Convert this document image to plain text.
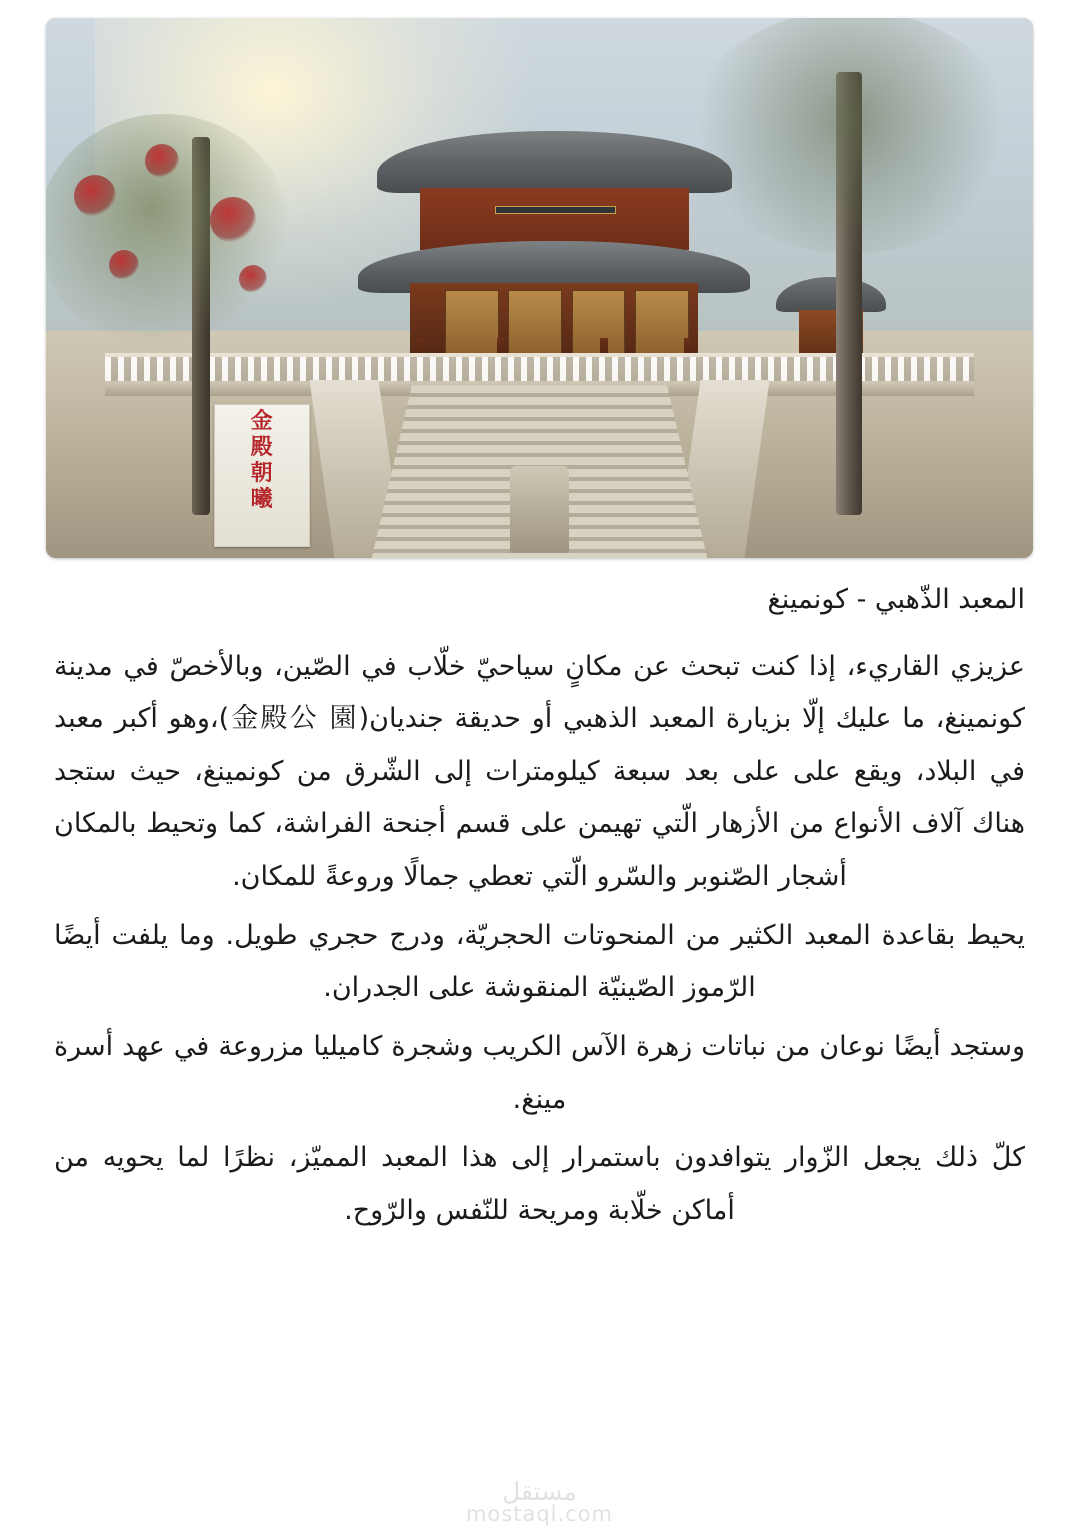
金
殿
朝
曦

المعبد الذّهبي - كونمينغ

عزيزي القاريء، إذا كنت تبحث عن مكانٍ سياحيّ خلّاب في الصّين، وبالأخصّ في مدينة كونمينغ، ما عليك إلّا بزيارة المعبد الذهبي أو حديقة جنديان(金殿公 園)،وهو أكبر معبد في البلاد، ويقع على على بعد سبعة كيلومترات إلى الشّرق من كونمينغ، حيث ستجد هناك آلاف الأنواع من الأزهار الّتي تهيمن على قسم أجنحة الفراشة، كما وتحيط بالمكان أشجار الصّنوبر والسّرو الّتي تعطي جمالًا وروعةً للمكان.

يحيط بقاعدة المعبد الكثير من المنحوتات الحجريّة، ودرج حجري طويل. وما يلفت أيضًا الرّموز الصّينيّة المنقوشة على الجدران.

وستجد أيضًا نوعان من نباتات زهرة الآس الكريب وشجرة كاميليا مزروعة في عهد أسرة مينغ.

كلّ ذلك يجعل الزّوار يتوافدون باستمرار إلى هذا المعبد المميّز، نظرًا لما يحويه من أماكن خلّابة ومريحة للنّفس والرّوح.

مستقل
mostaql.com
